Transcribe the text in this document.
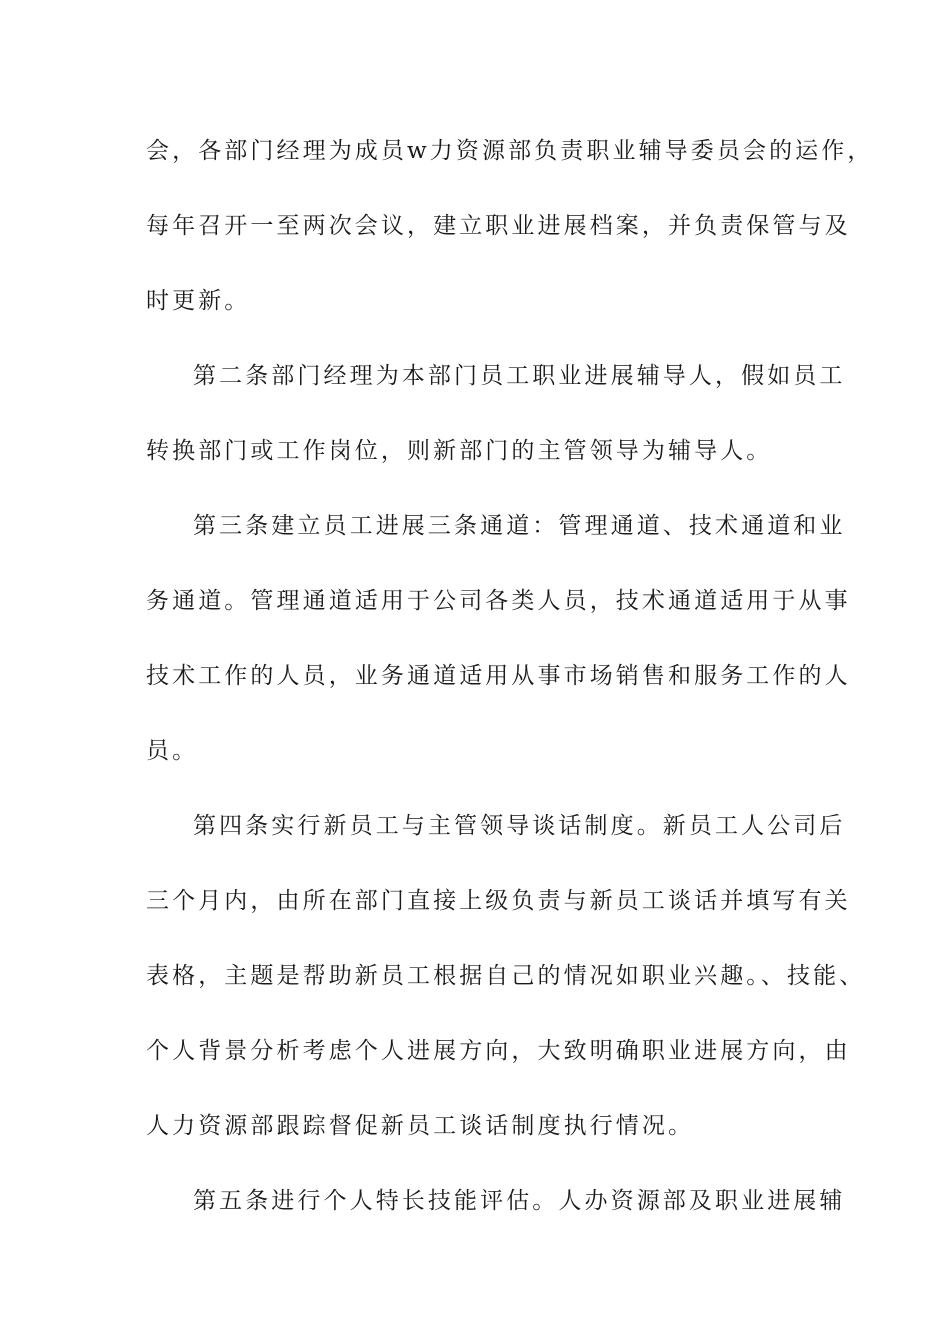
会，各部门经理为成员w力资源部负责职业辅导委员会的运作，
每年召开一至两次会议，建立职业进展档案，并负责保管与及
时更新。
第二条部门经理为本部门员工职业进展辅导人，假如员工
转换部门或工作岗位，则新部门的主管领导为辅导人。
第三条建立员工进展三条通道：管理通道、技术通道和业
务通道。管理通道适用于公司各类人员，技术通道适用于从事
技术工作的人员，业务通道适用从事市场销售和服务工作的人
员。
第四条实行新员工与主管领导谈话制度。新员工人公司后
三个月内，由所在部门直接上级负责与新员工谈话并填写有关
表格，主题是帮助新员工根据自己的情况如职业兴趣。、技能、
个人背景分析考虑个人进展方向，大致明确职业进展方向，由
人力资源部跟踪督促新员工谈话制度执行情况。
第五条进行个人特长技能评估。人办资源部及职业进展辅
